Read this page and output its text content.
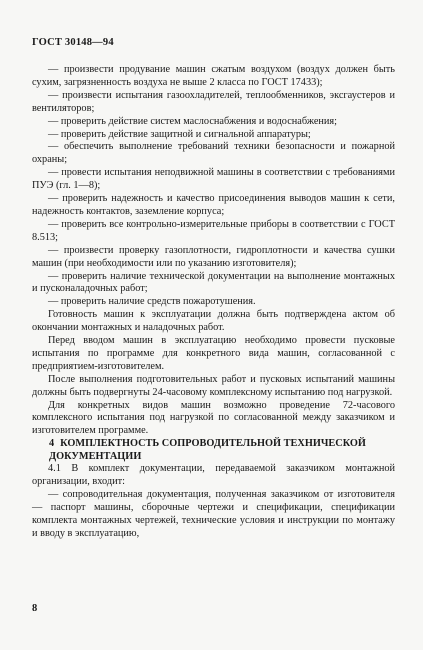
ГОСТ 30148—94

— произвести продувание машин сжатым воздухом (воздух должен быть сухим, загрязненность воздуха не выше 2 класса по ГОСТ 17433);

— произвести испытания газоохладителей, теплообменников, эксгаустеров и вентиляторов;

— проверить действие систем маслоснабжения и водоснабжения;

— проверить действие защитной и сигнальной аппаратуры;

— обеспечить выполнение требований техники безопасности и пожарной охраны;

— провести испытания неподвижной машины в соответствии с требованиями ПУЭ (гл. 1—8);

— проверить надежность и качество присоединения выводов машин к сети, надежность контактов, заземление корпуса;

— проверить все контрольно-измерительные приборы в соответствии с ГОСТ 8.513;

— произвести проверку газоплотности, гидроплотности и качества сушки машин (при необходимости или по указанию изготовителя);

— проверить наличие технической документации на выполнение монтажных и пусконаладочных работ;

— проверить наличие средств пожаротушения.

Готовность машин к эксплуатации должна быть подтверждена актом об окончании монтажных и наладочных работ.

Перед вводом машин в эксплуатацию необходимо провести пусковые испытания по программе для конкретного вида машин, согласованной с предприятием-изготовителем.

После выполнения подготовительных работ и пусковых испытаний машины должны быть подвергнуты 24-часовому комплексному испытанию под нагрузкой.

Для конкретных видов машин возможно проведение 72-часового комплексного испытания под нагрузкой по согласованной между заказчиком и изготовителем программе.

4 КОМПЛЕКТНОСТЬ СОПРОВОДИТЕЛЬНОЙ ТЕХНИЧЕСКОЙ
ДОКУМЕНТАЦИИ

4.1 В комплект документации, передаваемой заказчиком монтажной организации, входит:

— сопроводительная документация, полученная заказчиком от изготовителя — паспорт машины, сборочные чертежи и спецификации, спецификации комплекта монтажных чертежей, технические условия и инструкции по монтажу и вводу в эксплуатацию,

8
